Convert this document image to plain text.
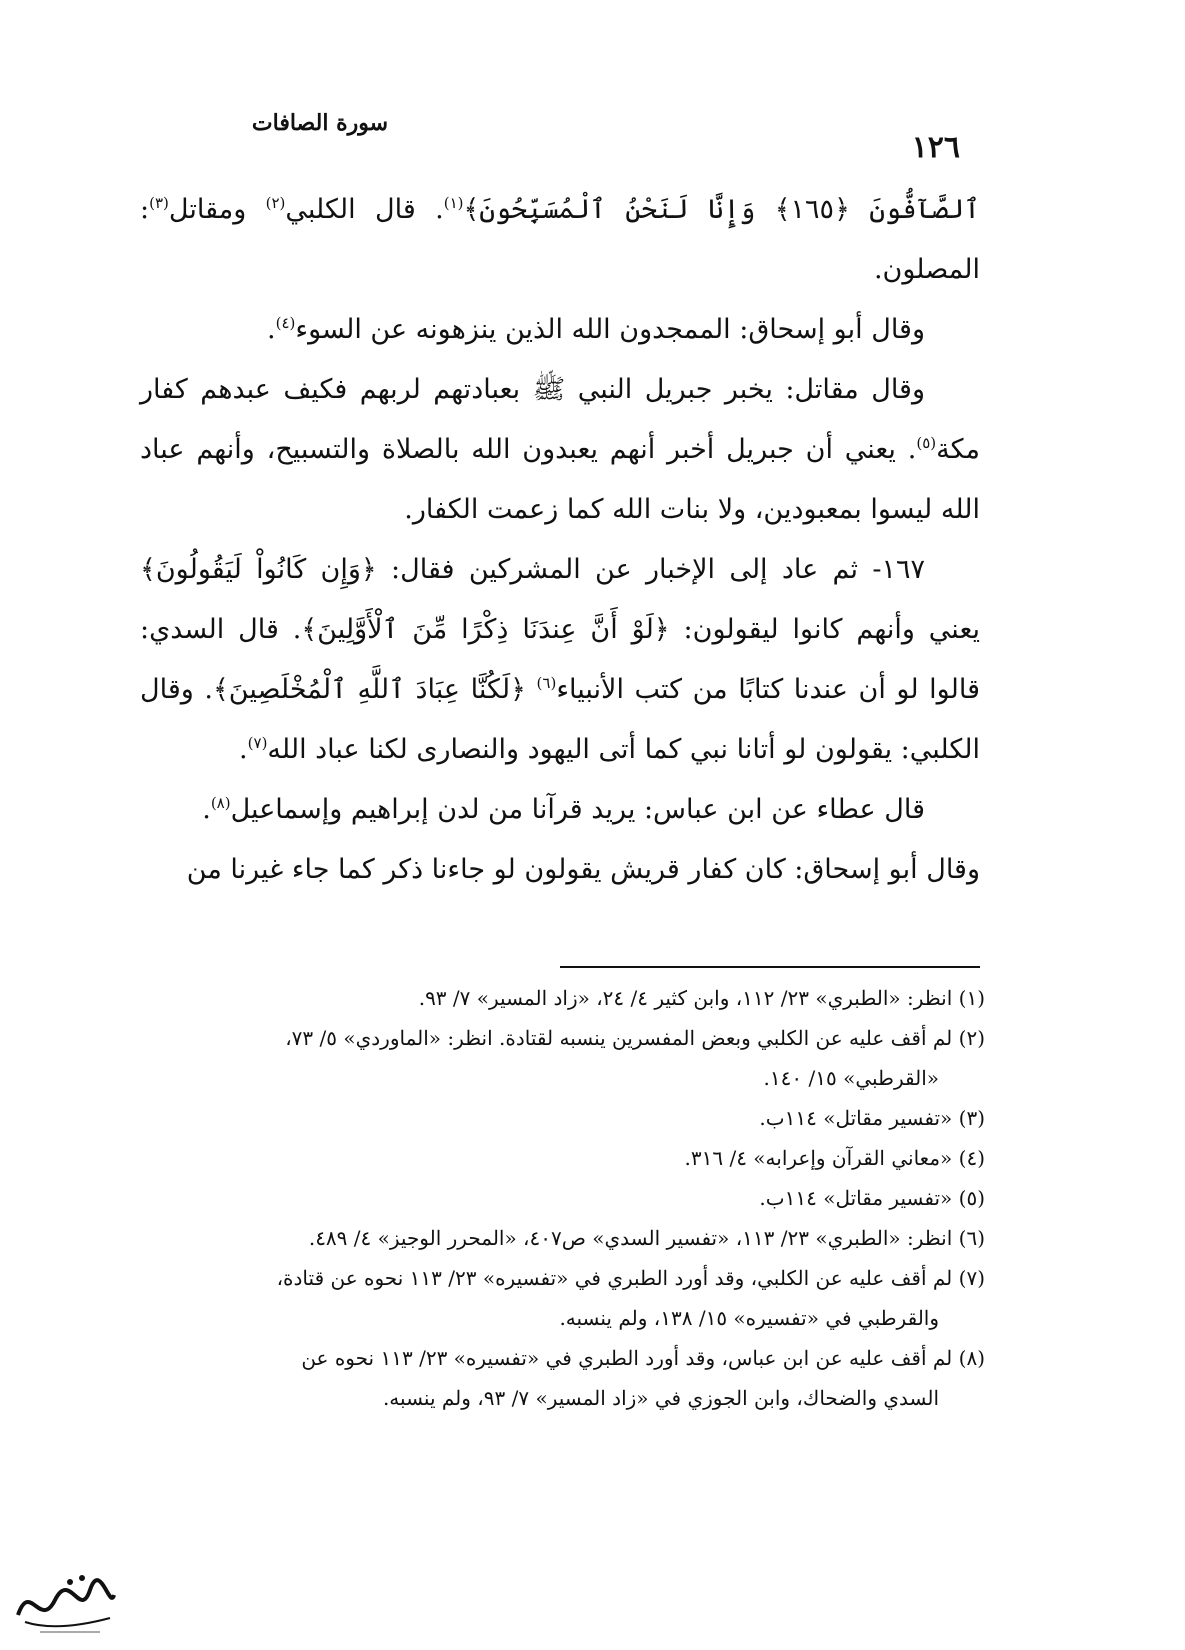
سورة الصافات
١٢٦

ٱلصَّآفُّونَ ﴿١٦٥﴾ وَإِنَّا لَنَحْنُ ٱلْمُسَبِّحُونَ﴾$^{(١)}$. قال الكلبي$^{(٢)}$ ومقاتل$^{(٣)}$: المصلون.

وقال أبو إسحاق: الممجدون الله الذين ينزهونه عن السوء$^{(٤)}$.

وقال مقاتل: يخبر جبريل النبي ﷺ بعبادتهم لربهم فكيف عبدهم كفار مكة$^{(٥)}$. يعني أن جبريل أخبر أنهم يعبدون الله بالصلاة والتسبيح، وأنهم عباد الله ليسوا بمعبودين، ولا بنات الله كما زعمت الكفار.

١٦٧- ثم عاد إلى الإخبار عن المشركين فقال: ﴿وَإِن كَانُواْ لَيَقُولُونَ﴾ يعني وأنهم كانوا ليقولون: ﴿لَوْ أَنَّ عِندَنَا ذِكْرًا مِّنَ ٱلْأَوَّلِينَ﴾. قال السدي: قالوا لو أن عندنا كتابًا من كتب الأنبياء$^{(٦)}$ ﴿لَكُنَّا عِبَادَ ٱللَّهِ ٱلْمُخْلَصِينَ﴾. وقال الكلبي: يقولون لو أتانا نبي كما أتى اليهود والنصارى لكنا عباد الله$^{(٧)}$.

قال عطاء عن ابن عباس: يريد قرآنا من لدن إبراهيم وإسماعيل$^{(٨)}$.

وقال أبو إسحاق: كان كفار قريش يقولون لو جاءنا ذكر كما جاء غيرنا من

(١) انظر: «الطبري» ٢٣/ ١١٢، وابن كثير ٤/ ٢٤، «زاد المسير» ٧/ ٩٣.

(٢) لم أقف عليه عن الكلبي وبعض المفسرين ينسبه لقتادة. انظر: «الماوردي» ٥/ ٧٣،

«القرطبي» ١٥/ ١٤٠.

(٣) «تفسير مقاتل» ١١٤ب.

(٤) «معاني القرآن وإعرابه» ٤/ ٣١٦.

(٥) «تفسير مقاتل» ١١٤ب.

(٦) انظر: «الطبري» ٢٣/ ١١٣، «تفسير السدي» ص٤٠٧، «المحرر الوجيز» ٤/ ٤٨٩.

(٧) لم أقف عليه عن الكلبي، وقد أورد الطبري في «تفسيره» ٢٣/ ١١٣ نحوه عن قتادة،

والقرطبي في «تفسيره» ١٥/ ١٣٨، ولم ينسبه.

(٨) لم أقف عليه عن ابن عباس، وقد أورد الطبري في «تفسيره» ٢٣/ ١١٣ نحوه عن

السدي والضحاك، وابن الجوزي في «زاد المسير» ٧/ ٩٣، ولم ينسبه.
